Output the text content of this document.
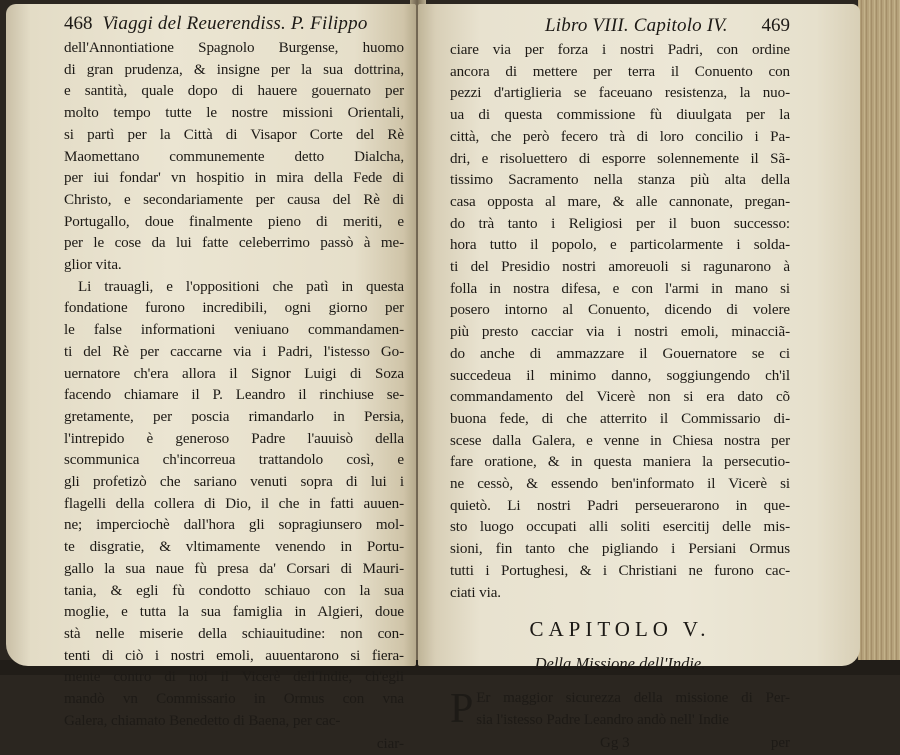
468 Viaggi del Reuerendiss. P. Filippo
dell'Annontiatione Spagnolo Burgense, huomo
di gran prudenza, & insigne per la sua dottrina,
e santità, quale dopo di hauere gouernato per
molto tempo tutte le nostre missioni Orientali,
si partì per la Città di Visapor Corte del Rè
Maomettano communemente detto Dialcha,
per iui fondar' vn hospitio in mira della Fede di
Christo, e secondariamente per causa del Rè di
Portugallo, doue finalmente pieno di meriti, e
per le cose da lui fatte celeberrimo passò à me-
glior vita.
Li trauagli, e l'oppositioni che patì in questa
fondatione furono incredibili, ogni giorno per
le false informationi veniuano commandamen-
ti del Rè per caccarne via i Padri, l'istesso Go-
uernatore ch'era allora il Signor Luigi di Soza
facendo chiamare il P. Leandro il rinchiuse se-
gretamente, per poscia rimandarlo in Persia,
l'intrepido è generoso Padre l'auuisò della
scommunica ch'incorreua trattandolo così, e
gli profetizò che sariano venuti sopra di lui i
flagelli della collera di Dio, il che in fatti auuen-
ne; imperciochè dall'hora gli sopragiunsero mol-
te disgratie, & vltimamente venendo in Portu-
gallo la sua naue fù presa da' Corsari di Mauri-
tania, & egli fù condotto schiauo con la sua
moglie, e tutta la sua famiglia in Algieri, doue
stà nelle miserie della schiauitudine: non con-
tenti di ciò i nostri emoli, auuentarono si fiera-
mente contro di noi il Vicerè dell'Indie, ch'egli
mandò vn Commissario in Ormus con vna
Galera, chiamato Benedetto di Baena, per cac-
ciar-
Libro VIII. Capitolo IV. 469
ciare via per forza i nostri Padri, con ordine
ancora di mettere per terra il Conuento con
pezzi d'artiglieria se faceuano resistenza, la nuo-
ua di questa commissione fù diuulgata per la
città, che però fecero trà di loro concilio i Pa-
dri, e risoluettero di esporre solennemente il Sã-
tissimo Sacramento nella stanza più alta della
casa opposta al mare, & alle cannonate, pregan-
do trà tanto i Religiosi per il buon successo:
hora tutto il popolo, e particolarmente i solda-
ti del Presidio nostri amoreuoli si ragunarono à
folla in nostra difesa, e con l'armi in mano si
posero intorno al Conuento, dicendo di volere
più presto cacciar via i nostri emoli, minacciã-
do anche di ammazzare il Gouernatore se ci
succedeua il minimo danno, soggiungendo ch'il
commandamento del Vicerè non si era dato cõ
buona fede, di che atterrito il Commissario di-
scese dalla Galera, e venne in Chiesa nostra per
fare oratione, & in questa maniera la persecutio-
ne cessò, & essendo ben'informato il Vicerè si
quietò. Li nostri Padri perseuerarono in que-
sto luogo occupati alli soliti esercitij delle mis-
sioni, fin tanto che pigliando i Persiani Ormus
tutti i Portughesi, & i Christiani ne furono cac-
ciati via.
CAPITOLO V.
Della Missione dell'Indie.
P Er maggior sicurezza della missione di Per-
sia l'istesso Padre Leandro andò nell' Indie
Gg 3	per
